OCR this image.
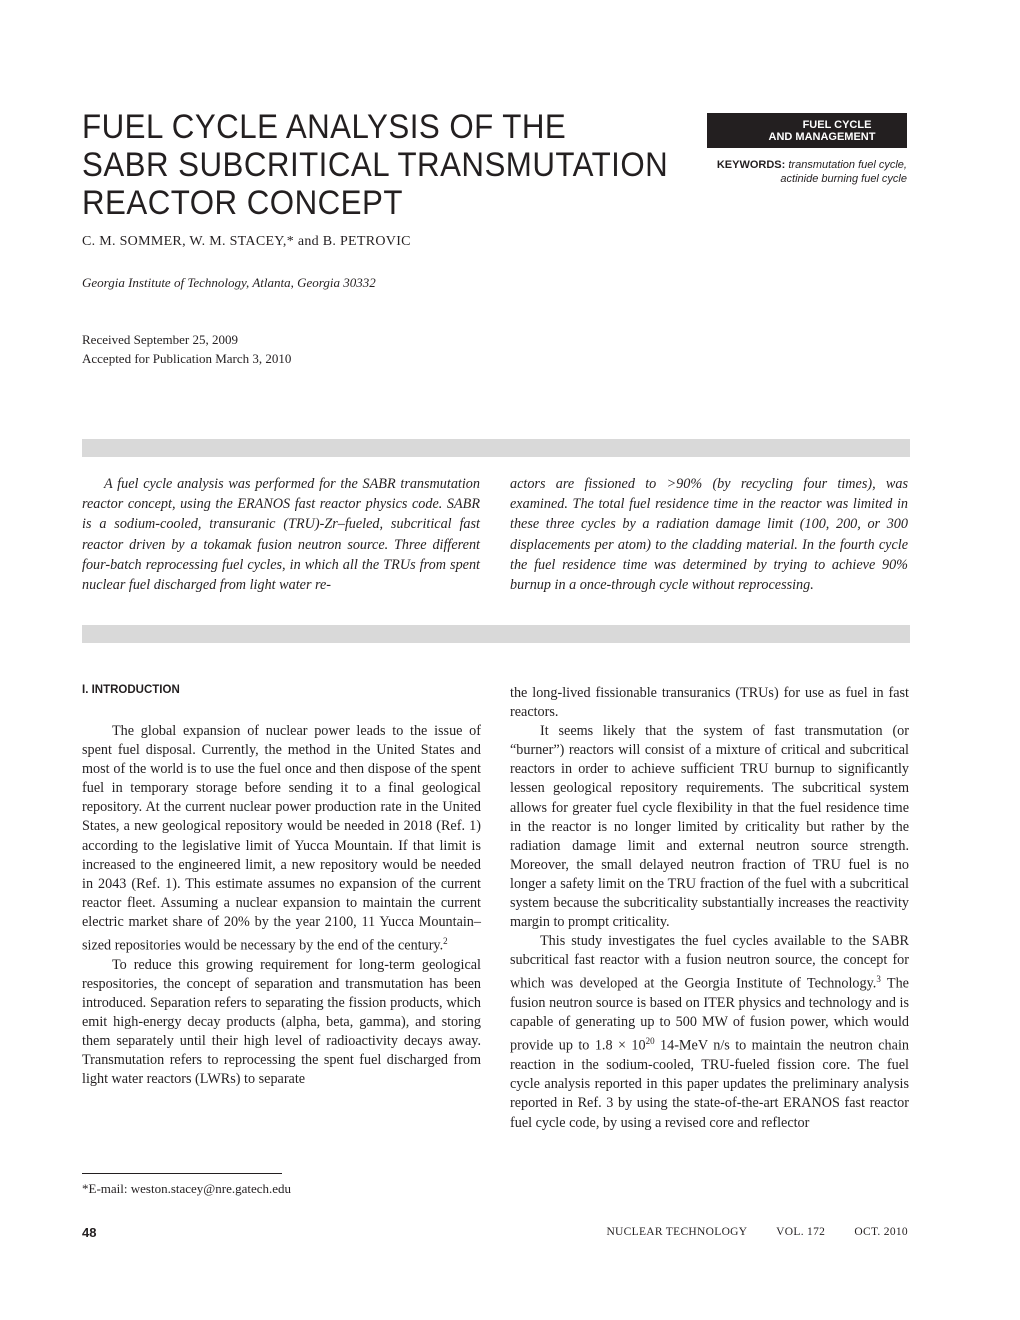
FUEL CYCLE ANALYSIS OF THE
SABR SUBCRITICAL TRANSMUTATION
REACTOR CONCEPT
FUEL CYCLE
AND MANAGEMENT
KEYWORDS: transmutation fuel cycle, actinide burning fuel cycle
C. M. SOMMER, W. M. STACEY,* and B. PETROVIC
Georgia Institute of Technology, Atlanta, Georgia 30332
Received September 25, 2009
Accepted for Publication March 3, 2010

A fuel cycle analysis was performed for the SABR transmutation reactor concept, using the ERANOS fast reactor physics code. SABR is a sodium-cooled, transuranic (TRU)-Zr–fueled, subcritical fast reactor driven by a tokamak fusion neutron source. Three different four-batch reprocessing fuel cycles, in which all the TRUs from spent nuclear fuel discharged from light water re-

actors are fissioned to >90% (by recycling four times), was examined. The total fuel residence time in the reactor was limited in these three cycles by a radiation damage limit (100, 200, or 300 displacements per atom) to the cladding material. In the fourth cycle the fuel residence time was determined by trying to achieve 90% burnup in a once-through cycle without reprocessing.

I. INTRODUCTION

The global expansion of nuclear power leads to the issue of spent fuel disposal. Currently, the method in the United States and most of the world is to use the fuel once and then dispose of the spent fuel in temporary storage before sending it to a final geological repository. At the current nuclear power production rate in the United States, a new geological repository would be needed in 2018 (Ref. 1) according to the legislative limit of Yucca Mountain. If that limit is increased to the engineered limit, a new repository would be needed in 2043 (Ref. 1). This estimate assumes no expansion of the current reactor fleet. Assuming a nuclear expansion to maintain the current electric market share of 20% by the year 2100, 11 Yucca Mountain–sized repositories would be necessary by the end of the century.$^2$

To reduce this growing requirement for long-term geological respositories, the concept of separation and transmutation has been introduced. Separation refers to separating the fission products, which emit high-energy decay products (alpha, beta, gamma), and storing them separately until their high level of radioactivity decays away. Transmutation refers to reprocessing the spent fuel discharged from light water reactors (LWRs) to separate

the long-lived fissionable transuranics (TRUs) for use as fuel in fast reactors.

It seems likely that the system of fast transmutation (or “burner”) reactors will consist of a mixture of critical and subcritical reactors in order to achieve sufficient TRU burnup to significantly lessen geological repository requirements. The subcritical system allows for greater fuel cycle flexibility in that the fuel residence time in the reactor is no longer limited by criticality but rather by the radiation damage limit and external neutron source strength. Moreover, the small delayed neutron fraction of TRU fuel is no longer a safety limit on the TRU fraction of the fuel with a subcritical system because the subcriticality substantially increases the reactivity margin to prompt criticality.

This study investigates the fuel cycles available to the SABR subcritical fast reactor with a fusion neutron source, the concept for which was developed at the Georgia Institute of Technology.$^3$ The fusion neutron source is based on ITER physics and technology and is capable of generating up to 500 MW of fusion power, which would provide up to $1.8 \times 10^{20}$ 14-MeV n/s to maintain the neutron chain reaction in the sodium-cooled, TRU-fueled fission core. The fuel cycle analysis reported in this paper updates the preliminary analysis reported in Ref. 3 by using the state-of-the-art ERANOS fast reactor fuel cycle code, by using a revised core and reflector

*E-mail: weston.stacey@nre.gatech.edu
48	NUCLEAR TECHNOLOGY	VOL. 172	OCT. 2010
